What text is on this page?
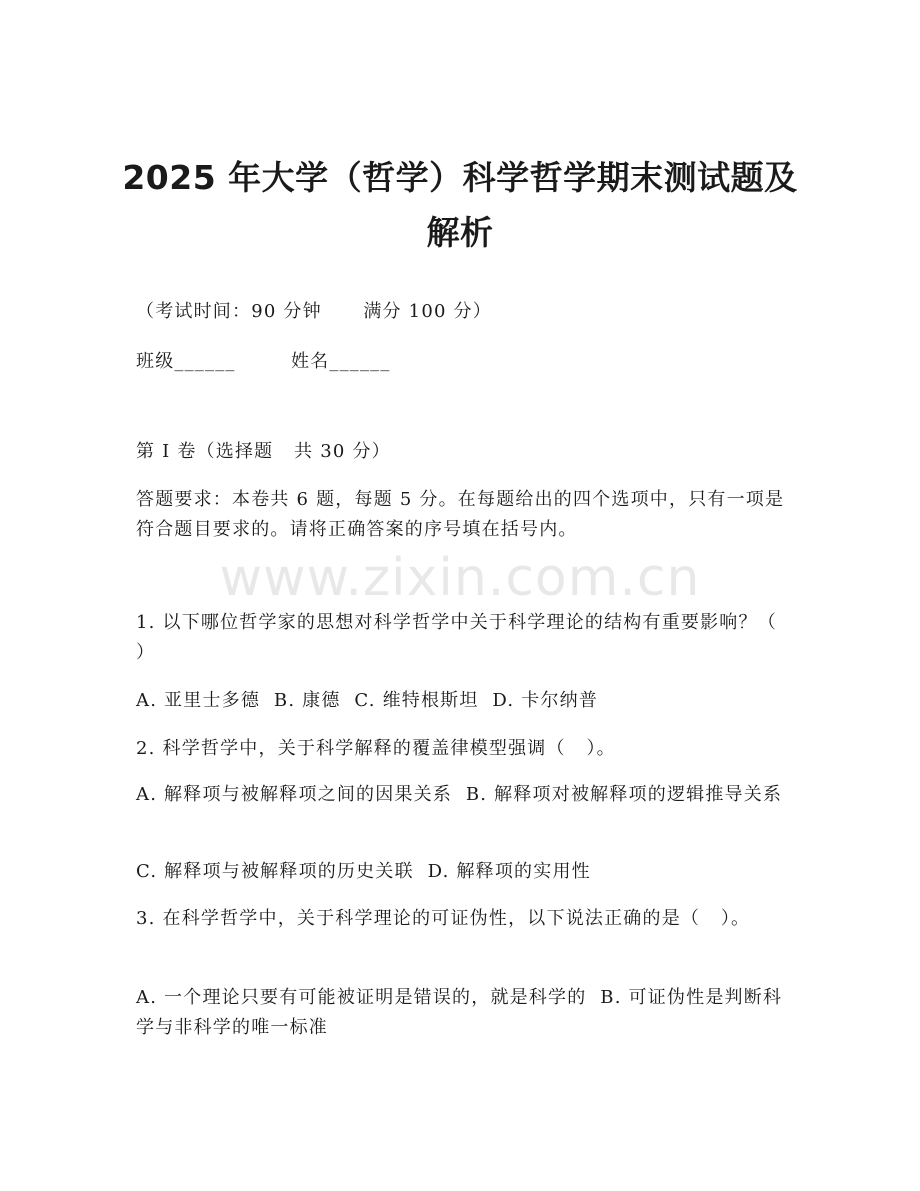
2025 年大学（哲学）科学哲学期末测试题及
解析
（考试时间：90 分钟      满分 100 分）
班级______        姓名______
第 I 卷（选择题   共 30 分）
答题要求：本卷共 6 题，每题 5 分。在每题给出的四个选项中，只有一项是符合题目要求的。请将正确答案的序号填在括号内。
1. 以下哪位哲学家的思想对科学哲学中关于科学理论的结构有重要影响？（   ）
A. 亚里士多德  B. 康德  C. 维特根斯坦  D. 卡尔纳普
2. 科学哲学中，关于科学解释的覆盖律模型强调（   ）。
A. 解释项与被解释项之间的因果关系  B. 解释项对被解释项的逻辑推导关系
C. 解释项与被解释项的历史关联  D. 解释项的实用性
3. 在科学哲学中，关于科学理论的可证伪性，以下说法正确的是（   ）。
A. 一个理论只要有可能被证明是错误的，就是科学的  B. 可证伪性是判断科学与非科学的唯一标准
www.zixin.com.cn
